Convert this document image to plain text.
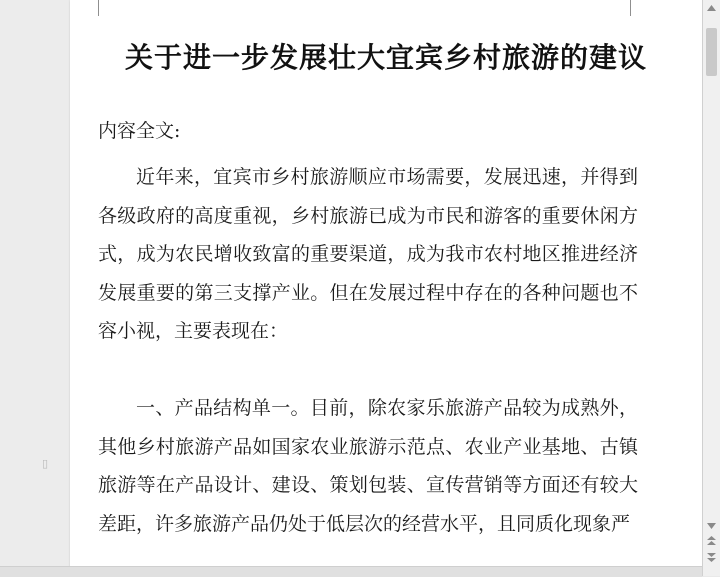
▯
关于进一步发展壮大宜宾乡村旅游的建议

内容全文:

近年来，宜宾市乡村旅游顺应市场需要，发展迅速，并得到各级政府的高度重视，乡村旅游已成为市民和游客的重要休闲方式，成为农民增收致富的重要渠道，成为我市农村地区推进经济发展重要的第三支撑产业。但在发展过程中存在的各种问题也不容小视，主要表现在：

一、产品结构单一。目前，除农家乐旅游产品较为成熟外，其他乡村旅游产品如国家农业旅游示范点、农业产业基地、古镇旅游等在产品设计、建设、策划包装、宣传营销等方面还有较大差距，许多旅游产品仍处于低层次的经营水平，且同质化现象严
